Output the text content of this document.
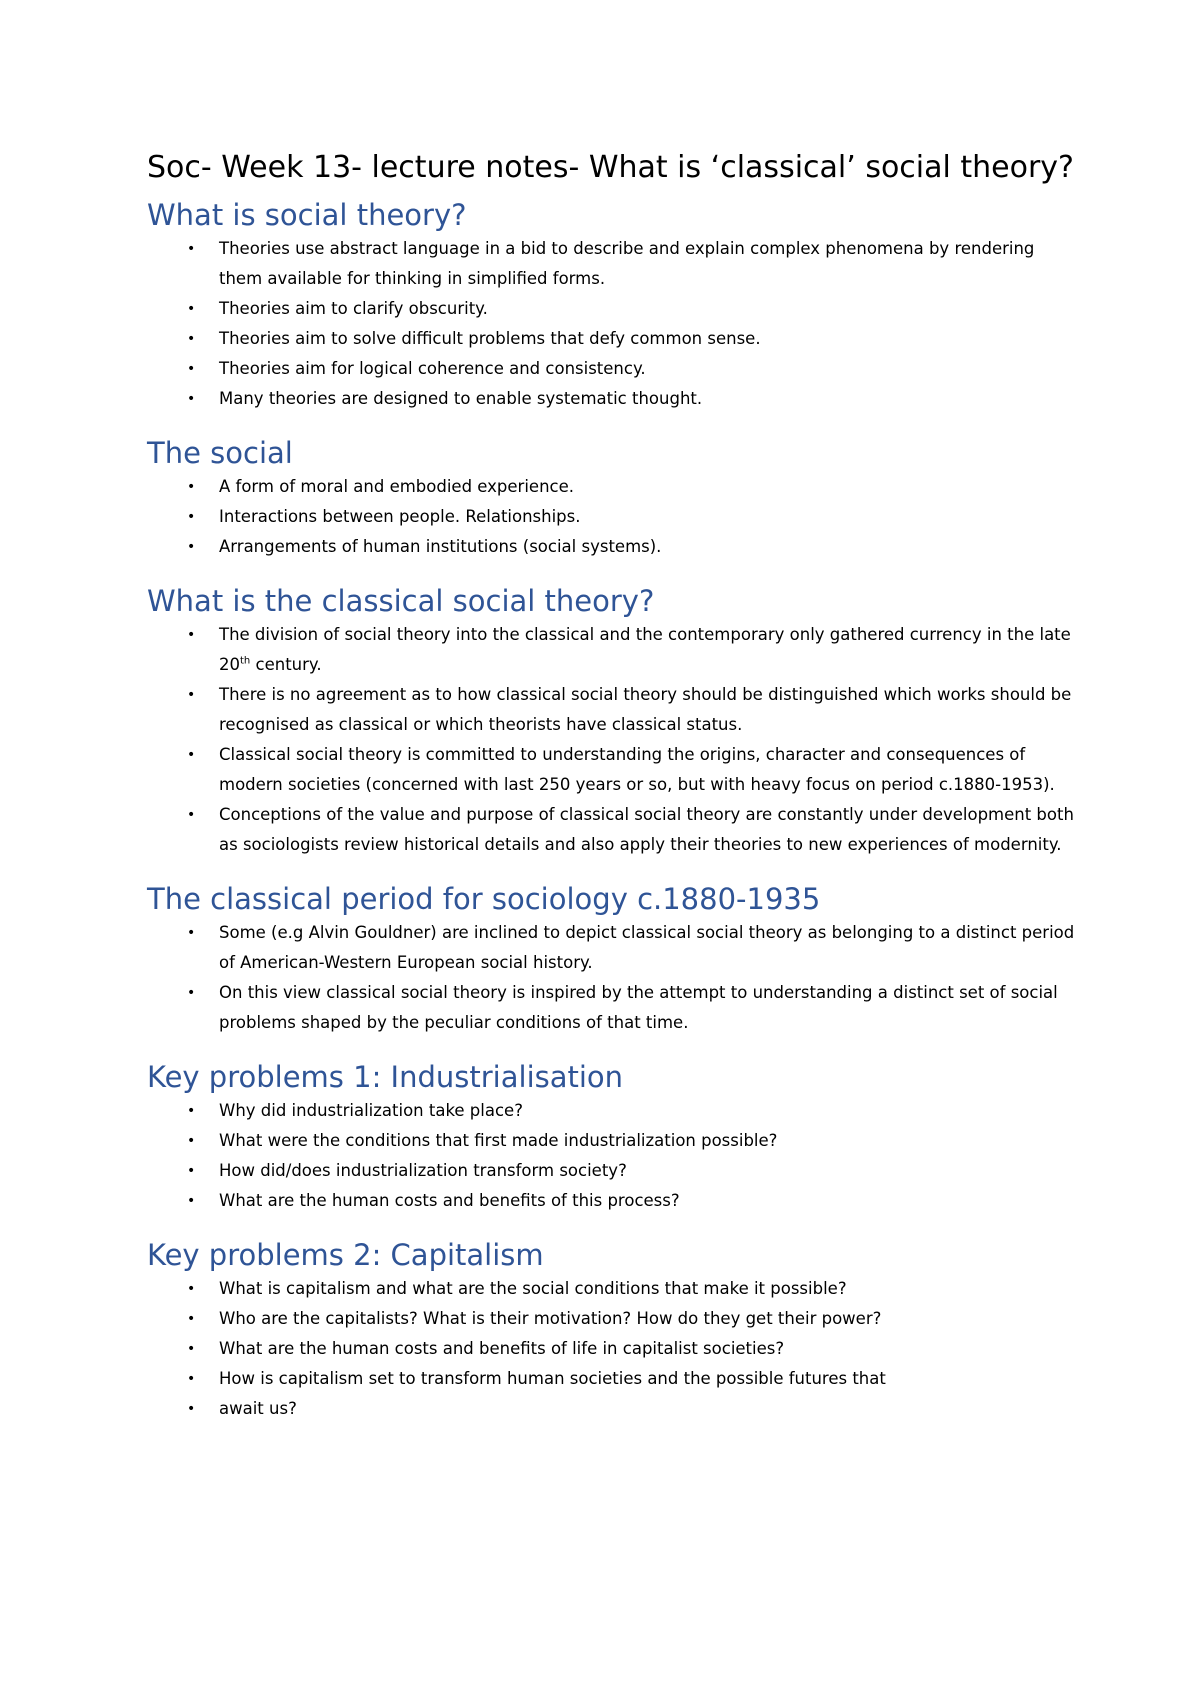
Soc- Week 13- lecture notes- What is ‘classical’ social theory?
What is social theory?
•	Theories use abstract language in a bid to describe and explain complex phenomena by rendering them available for thinking in simplified forms.
•	Theories aim to clarify obscurity.
•	Theories aim to solve difficult problems that defy common sense.
•	Theories aim for logical coherence and consistency.
•	Many theories are designed to enable systematic thought.
The social
•	A form of moral and embodied experience.
•	Interactions between people. Relationships.
•	Arrangements of human institutions (social systems).
What is the classical social theory?
•	The division of social theory into the classical and the contemporary only gathered currency in the late 20th century.
•	There is no agreement as to how classical social theory should be distinguished which works should be recognised as classical or which theorists have classical status.
•	Classical social theory is committed to understanding the origins, character and consequences of modern societies (concerned with last 250 years or so, but with heavy focus on period c.1880-1953).
•	Conceptions of the value and purpose of classical social theory are constantly under development both as sociologists review historical details and also apply their theories to new experiences of modernity.
The classical period for sociology c.1880-1935
•	Some (e.g Alvin Gouldner) are inclined to depict classical social theory as belonging to a distinct period of American-Western European social history.
•	On this view classical social theory is inspired by the attempt to understanding a distinct set of social problems shaped by the peculiar conditions of that time.
Key problems 1: Industrialisation
•	Why did industrialization take place?
•	What were the conditions that first made industrialization possible?
•	How did/does industrialization transform society?
•	What are the human costs and benefits of this process?
Key problems 2: Capitalism
•	What is capitalism and what are the social conditions that make it possible?
•	Who are the capitalists? What is their motivation? How do they get their power?
•	What are the human costs and benefits of life in capitalist societies?
•	How is capitalism set to transform human societies and the possible futures that
•	await us?
